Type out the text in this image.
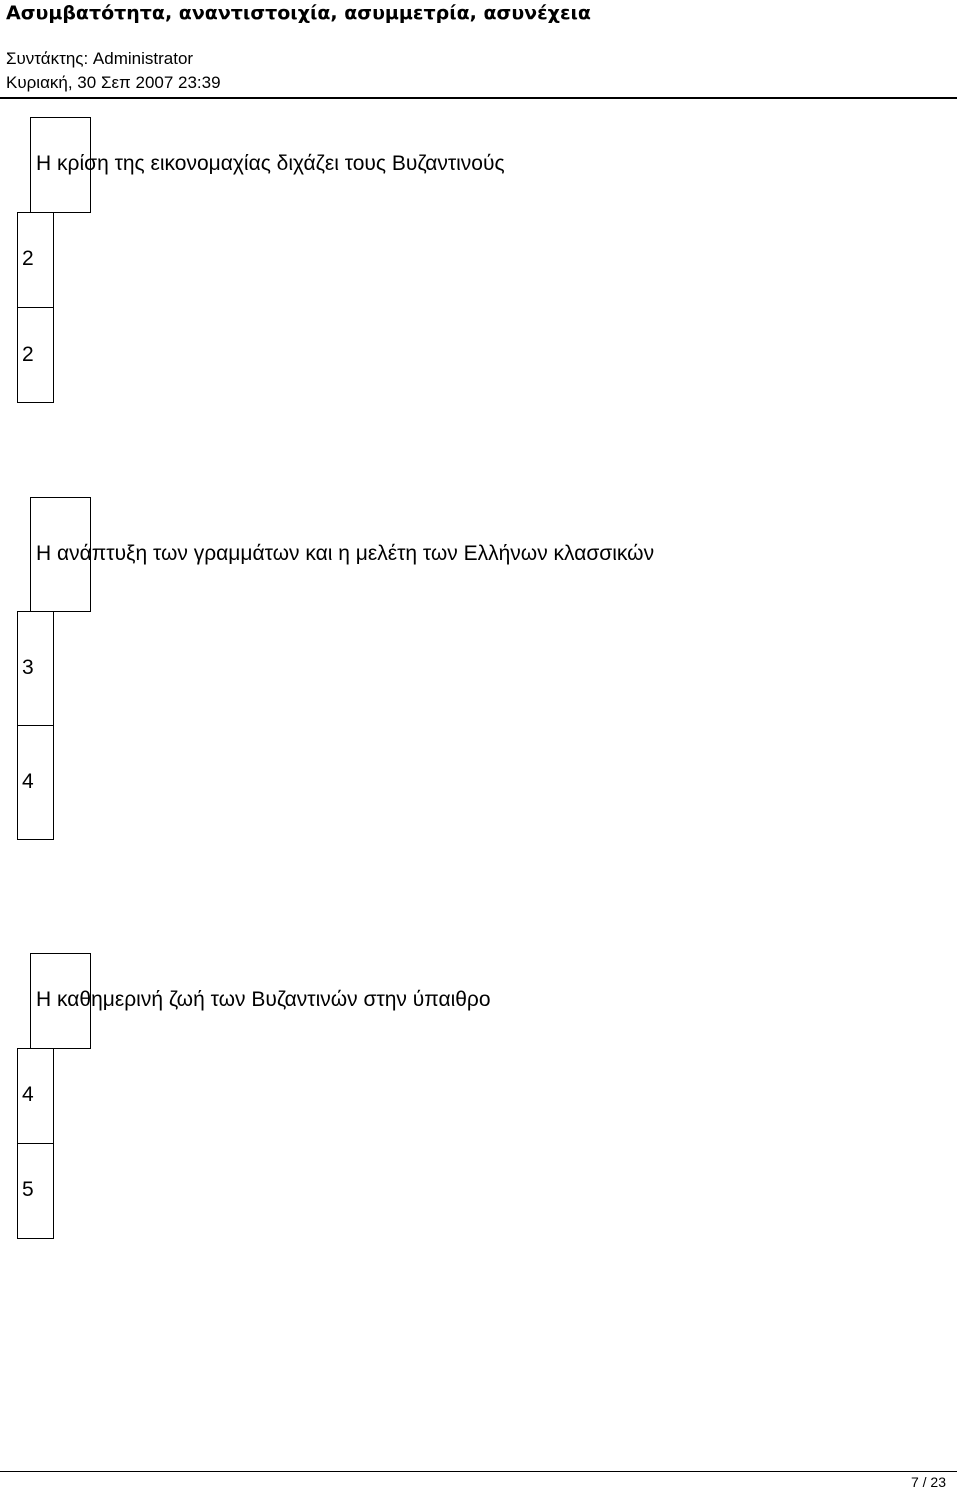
Ασυμβατότητα, αναντιστοιχία, ασυμμετρία, ασυνέχεια
Συντάκτης: Administrator
Κυριακή, 30 Σεπ 2007 23:39
Η κρίση της εικονομαχίας διχάζει τους Βυζαντινούς
2
2
Η ανάπτυξη των γραμμάτων και η μελέτη των Ελλήνων κλασσικών
3
4
Η καθημερινή ζωή των Βυζαντινών στην ύπαιθρο
4
5
7 / 23
